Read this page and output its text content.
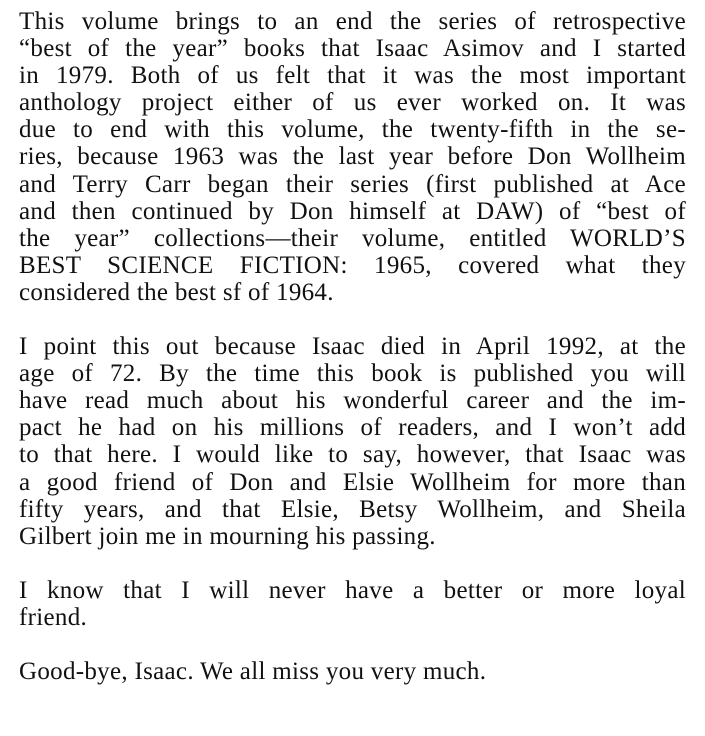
This volume brings to an end the series of retrospective
“best of the year” books that Isaac Asimov and I started
in 1979. Both of us felt that it was the most important
anthology project either of us ever worked on. It was
due to end with this volume, the twenty-fifth in the se-
ries, because 1963 was the last year before Don Wollheim
and Terry Carr began their series (first published at Ace
and then continued by Don himself at DAW) of “best of
the year” collections—their volume, entitled WORLD’S
BEST SCIENCE FICTION: 1965, covered what they
considered the best sf of 1964.

I point this out because Isaac died in April 1992, at the
age of 72. By the time this book is published you will
have read much about his wonderful career and the im-
pact he had on his millions of readers, and I won’t add
to that here. I would like to say, however, that Isaac was
a good friend of Don and Elsie Wollheim for more than
fifty years, and that Elsie, Betsy Wollheim, and Sheila
Gilbert join me in mourning his passing.

I know that I will never have a better or more loyal
friend.

Good-bye, Isaac. We all miss you very much.
